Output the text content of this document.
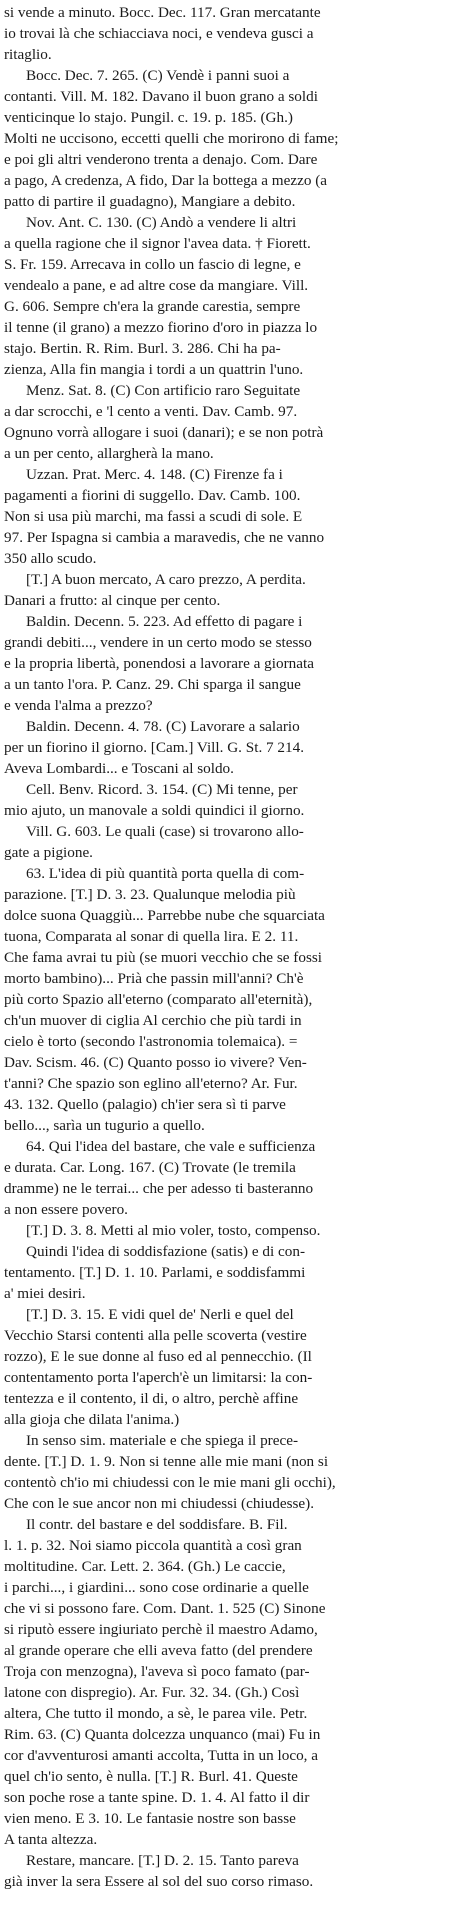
si vende a minuto. Bocc. Dec. 117. Gran mercatante
io trovai là che schiacciava noci, e vendeva gusci a
ritaglio.
Bocc. Dec. 7. 265. (C) Vendè i panni suoi a
contanti. Vill. M. 182. Davano il buon grano a soldi
venticinque lo stajo. Pungil. c. 19. p. 185. (Gh.)
Molti ne uccisono, eccetti quelli che morirono di fame;
e poi gli altri venderono trenta a denajo. Com. Dare
a pago, A credenza, A fido, Dar la bottega a mezzo (a
patto di partire il guadagno), Mangiare a debito.
Nov. Ant. C. 130. (C) Andò a vendere li altri
a quella ragione che il signor l'avea data. † Fiorett.
S. Fr. 159. Arrecava in collo un fascio di legne, e
vendealo a pane, e ad altre cose da mangiare. Vill.
G. 606. Sempre ch'era la grande carestia, sempre
il tenne (il grano) a mezzo fiorino d'oro in piazza lo
stajo. Bertin. R. Rim. Burl. 3. 286. Chi ha pa-
zienza, Alla fin mangia i tordi a un quattrin l'uno.
Menz. Sat. 8. (C) Con artificio raro Seguitate
a dar scrocchi, e 'l cento a venti. Dav. Camb. 97.
Ognuno vorrà allogare i suoi (danari); e se non potrà
a un per cento, allargherà la mano.
Uzzan. Prat. Merc. 4. 148. (C) Firenze fa i
pagamenti a fiorini di suggello. Dav. Camb. 100.
Non si usa più marchi, ma fassi a scudi di sole. E
97. Per Ispagna si cambia a maravedis, che ne vanno
350 allo scudo.
[T.] A buon mercato, A caro prezzo, A perdita.
Danari a frutto: al cinque per cento.
Baldin. Decenn. 5. 223. Ad effetto di pagare i
grandi debiti..., vendere in un certo modo se stesso
e la propria libertà, ponendosi a lavorare a giornata
a un tanto l'ora. P. Canz. 29. Chi sparga il sangue
e venda l'alma a prezzo?
Baldin. Decenn. 4. 78. (C) Lavorare a salario
per un fiorino il giorno. [Cam.] Vill. G. St. 7 214.
Aveva Lombardi... e Toscani al soldo.
Cell. Benv. Ricord. 3. 154. (C) Mi tenne, per
mio ajuto, un manovale a soldi quindici il giorno.
Vill. G. 603. Le quali (case) si trovarono allo-
gate a pigione.
63. L'idea di più quantità porta quella di com-
parazione. [T.] D. 3. 23. Qualunque melodia più
dolce suona Quaggiù... Parrebbe nube che squarciata
tuona, Comparata al sonar di quella lira. E 2. 11.
Che fama avrai tu più (se muori vecchio che se fossi
morto bambino)... Prià che passin mill'anni? Ch'è
più corto Spazio all'eterno (comparato all'eternità),
ch'un muover di ciglia Al cerchio che più tardi in
cielo è torto (secondo l'astronomia tolemaica). =
Dav. Scism. 46. (C) Quanto posso io vivere? Ven-
t'anni? Che spazio son eglino all'eterno? Ar. Fur.
43. 132. Quello (palagio) ch'ier sera sì ti parve
bello..., sarìa un tugurio a quello.
64. Qui l'idea del bastare, che vale e sufficienza
e durata. Car. Long. 167. (C) Trovate (le tremila
dramme) ne le terrai... che per adesso ti basteranno
a non essere povero.
[T.] D. 3. 8. Metti al mio voler, tosto, compenso.
Quindi l'idea di soddisfazione (satis) e di con-
tentamento. [T.] D. 1. 10. Parlami, e soddisfammi
a' miei desiri.
[T.] D. 3. 15. E vidi quel de' Nerli e quel del
Vecchio Starsi contenti alla pelle scoverta (vestire
rozzo), E le sue donne al fuso ed al pennecchio. (Il
contentamento porta l'aperch'è un limitarsi: la con-
tentezza e il contento, il di, o altro, perchè affine
alla gioja che dilata l'anima.)
In senso sim. materiale e che spiega il prece-
dente. [T.] D. 1. 9. Non si tenne alle mie mani (non si
contentò ch'io mi chiudessi con le mie mani gli occhi),
Che con le sue ancor non mi chiudessi (chiudesse).
Il contr. del bastare e del soddisfare. B. Fil.
l. 1. p. 32. Noi siamo piccola quantità a così gran
moltitudine. Car. Lett. 2. 364. (Gh.) Le caccie,
i parchi..., i giardini... sono cose ordinarie a quelle
che vi si possono fare. Com. Dant. 1. 525 (C) Sinone
si riputò essere ingiuriato perchè il maestro Adamo,
al grande operare che elli aveva fatto (del prendere
Troja con menzogna), l'aveva sì poco famato (par-
latone con dispregio). Ar. Fur. 32. 34. (Gh.) Così
altera, Che tutto il mondo, a sè, le parea vile. Petr.
Rim. 63. (C) Quanta dolcezza unquanco (mai) Fu in
cor d'avventurosi amanti accolta, Tutta in un loco, a
quel ch'io sento, è nulla. [T.] R. Burl. 41. Queste
son poche rose a tante spine. D. 1. 4. Al fatto il dir
vien meno. E 3. 10. Le fantasie nostre son basse
A tanta altezza.
Restare, mancare. [T.] D. 2. 15. Tanto pareva
già inver la sera Essere al sol del suo corso rimaso.
